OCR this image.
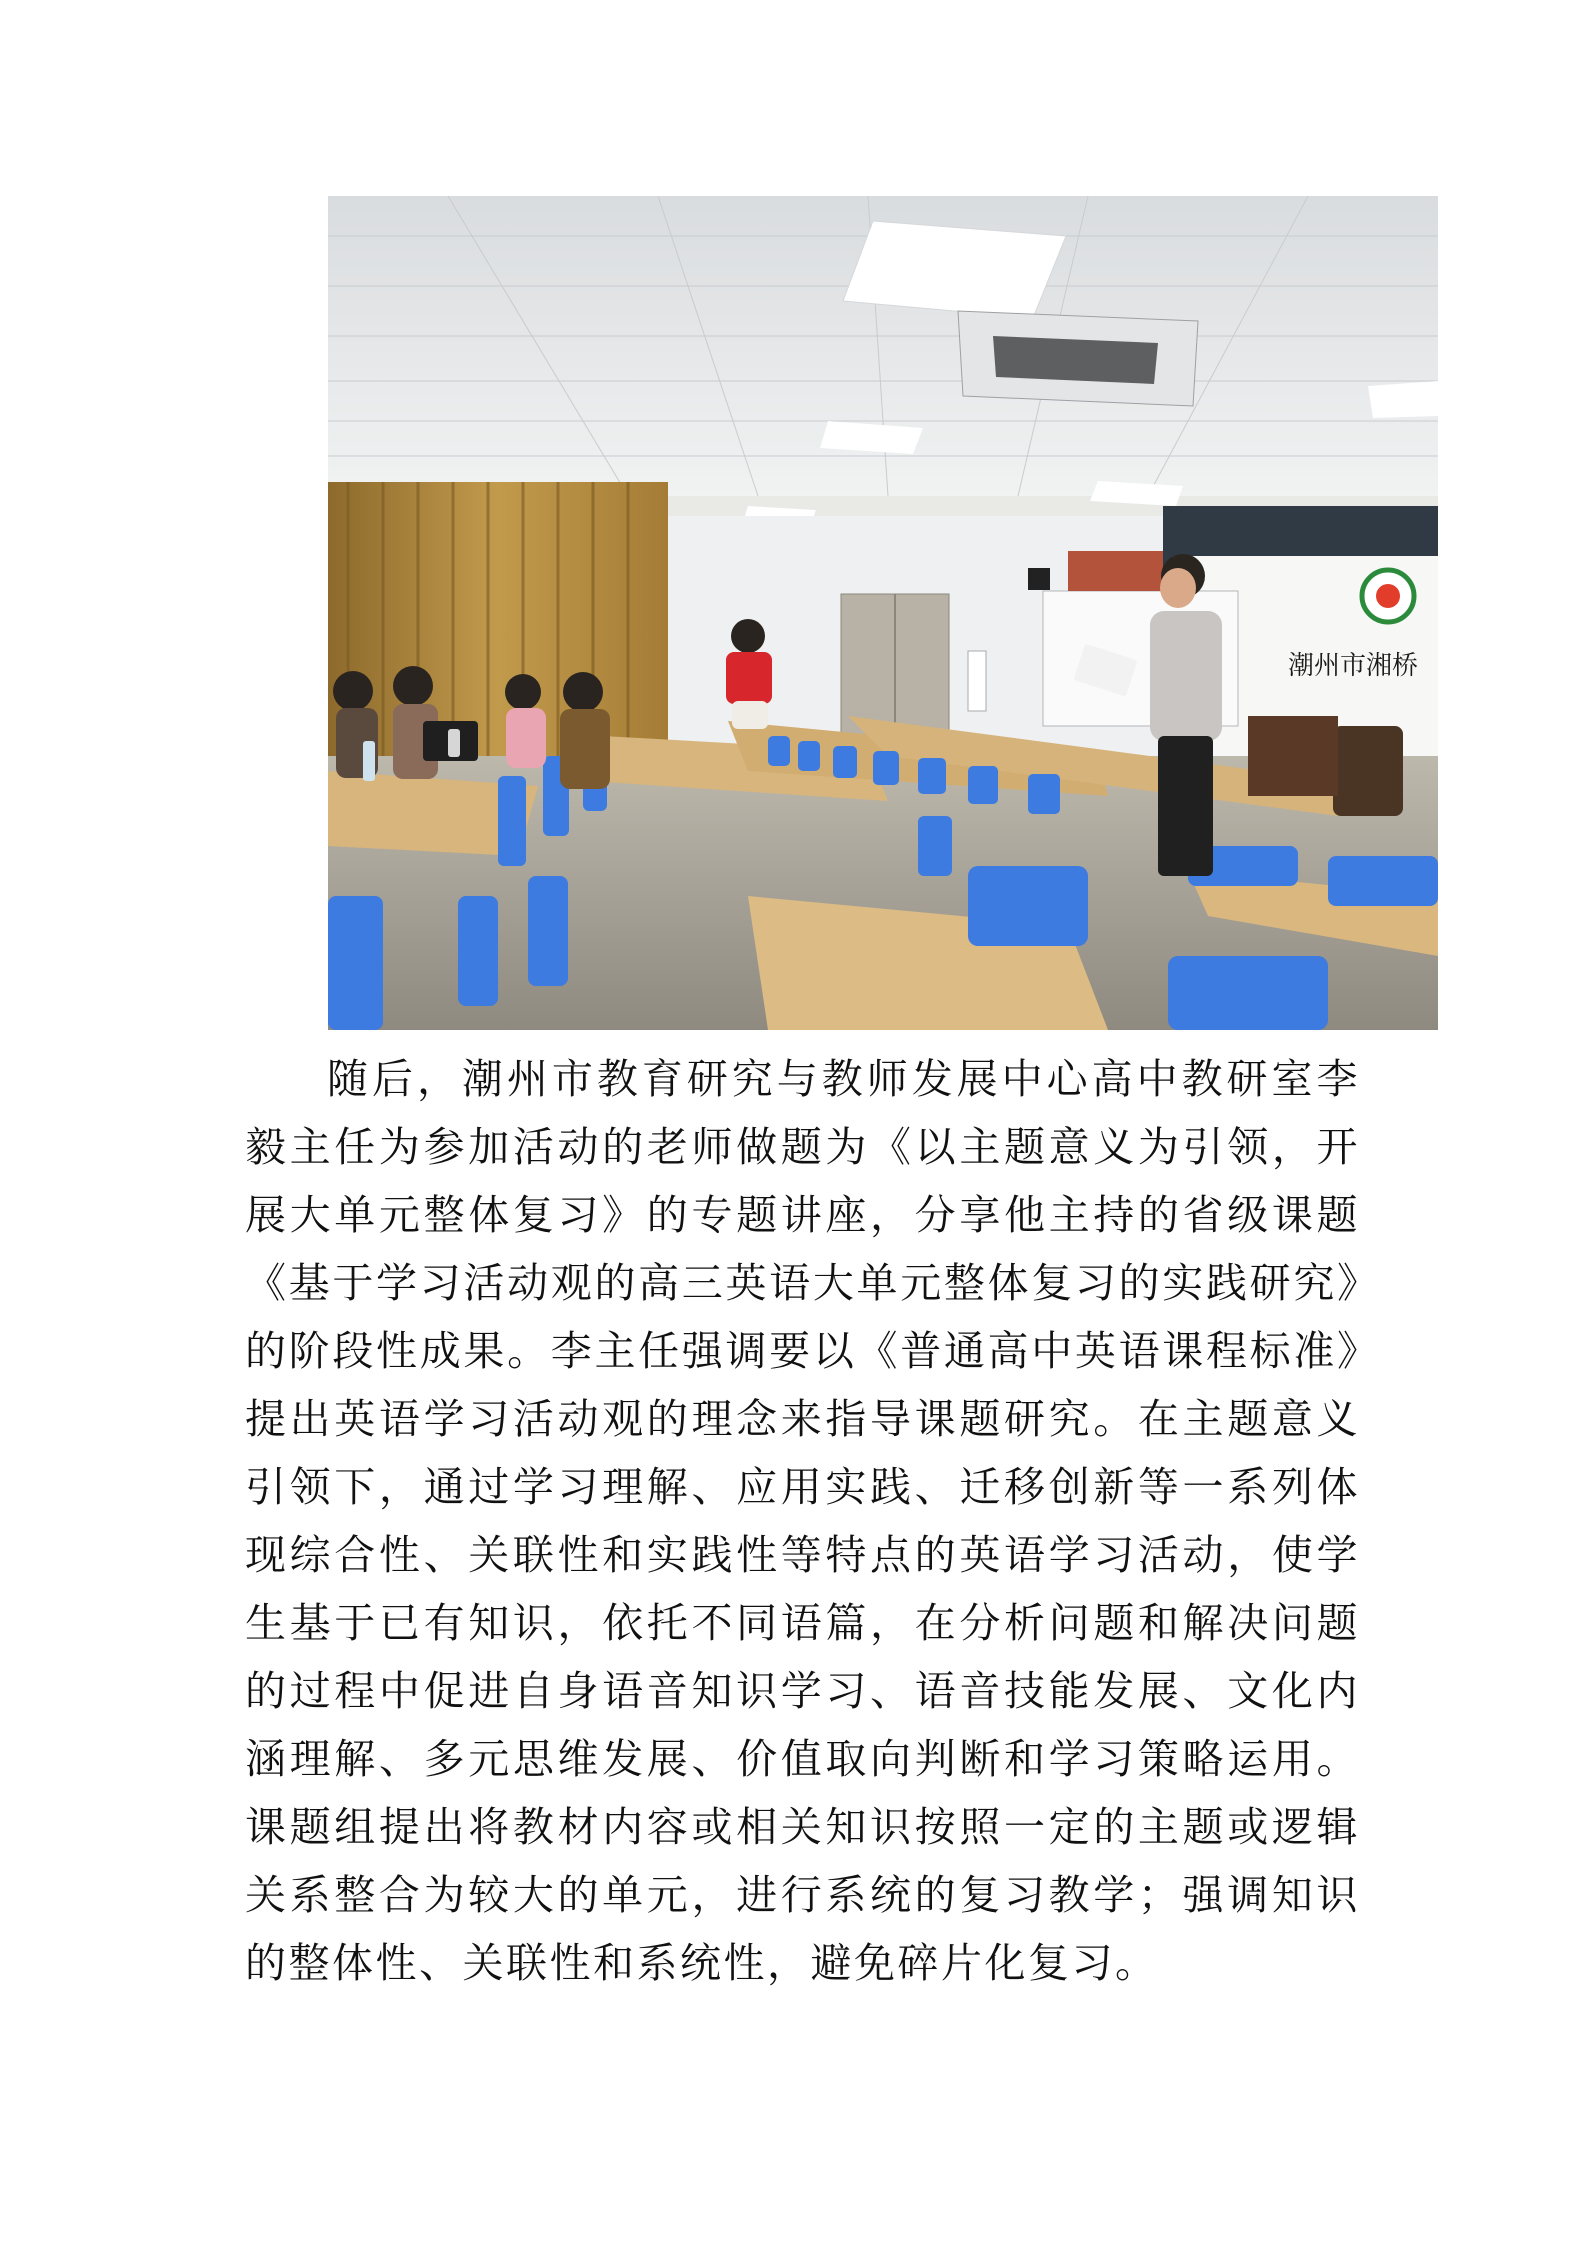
潮州市湘桥

随后，潮州市教育研究与教师发展中心高中教研室李毅主任为参加活动的老师做题为《以主题意义为引领，开展大单元整体复习》的专题讲座，分享他主持的省级课题《基于学习活动观的高三英语大单元整体复习的实践研究》的阶段性成果。李主任强调要以《普通高中英语课程标准》提出英语学习活动观的理念来指导课题研究。在主题意义引领下，通过学习理解、应用实践、迁移创新等一系列体现综合性、关联性和实践性等特点的英语学习活动，使学生基于已有知识，依托不同语篇，在分析问题和解决问题的过程中促进自身语音知识学习、语音技能发展、文化内涵理解、多元思维发展、价值取向判断和学习策略运用。课题组提出将教材内容或相关知识按照一定的主题或逻辑关系整合为较大的单元，进行系统的复习教学；强调知识的整体性、关联性和系统性，避免碎片化复习。
